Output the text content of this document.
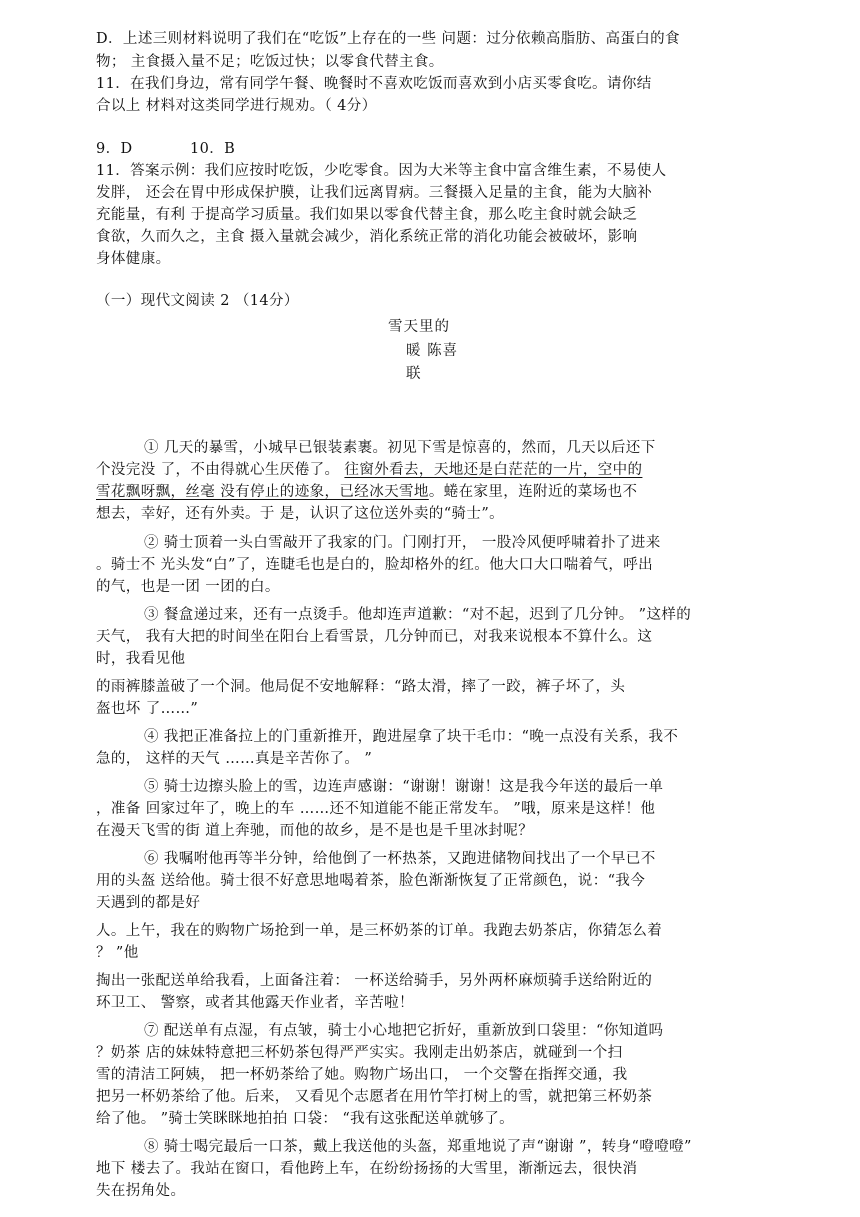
D．上述三则材料说明了我们在“吃饭”上存在的一些 问题：过分依赖高脂肪、高蛋白的食
物； 主食摄入量不足；吃饭过快；以零食代替主食。
11．在我们身边，常有同学午餐、晚餐时不喜欢吃饭而喜欢到小店买零食吃。请你结
合以上 材料对这类同学进行规劝。（ 4分）
9．D	10．B
11．答案示例：我们应按时吃饭，少吃零食。因为大米等主食中富含维生素，不易使人
发胖， 还会在胃中形成保护膜，让我们远离胃病。三餐摄入足量的主食，能为大脑补
充能量，有利 于提高学习质量。我们如果以零食代替主食，那么吃主食时就会缺乏
食欲，久而久之，主食 摄入量就会减少，消化系统正常的消化功能会被破坏，影响
身体健康。
（一）现代文阅读 2 （14分）
雪天里的
暖 陈喜
联
① 几天的暴雪，小城早已银装素裹。初见下雪是惊喜的，然而，几天以后还下
个没完没 了，不由得就心生厌倦了。 往窗外看去，天地还是白茫茫的一片，空中的
雪花飘呀飘，丝毫 没有停止的迹象，已经冰天雪地。蜷在家里，连附近的菜场也不
想去，幸好，还有外卖。于 是，认识了这位送外卖的“骑士”。
② 骑士顶着一头白雪敲开了我家的门。门刚打开， 一股冷风便呼啸着扑了进来
。骑士不 光头发“白”了，连睫毛也是白的，脸却格外的红。他大口大口喘着气，呼出
的气，也是一团 一团的白。
③ 餐盒递过来，还有一点烫手。他却连声道歉：“对不起，迟到了几分钟。 ”这样的
天气， 我有大把的时间坐在阳台上看雪景，几分钟而已，对我来说根本不算什么。这
时，我看见他
的雨裤膝盖破了一个洞。他局促不安地解释：“路太滑，摔了一跤，裤子坏了，头
盔也坏 了……”
④ 我把正准备拉上的门重新推开，跑进屋拿了块干毛巾：“晚一点没有关系，我不
急的， 这样的天气 ……真是辛苦你了。 ”
⑤ 骑士边擦头脸上的雪，边连声感谢：“谢谢！谢谢！这是我今年送的最后一单
，准备 回家过年了，晚上的车 ……还不知道能不能正常发车。 ”哦，原来是这样！他
在漫天飞雪的街 道上奔驰，而他的故乡，是不是也是千里冰封呢？
⑥ 我嘱咐他再等半分钟，给他倒了一杯热茶，又跑进储物间找出了一个早已不
用的头盔 送给他。骑士很不好意思地喝着茶，脸色渐渐恢复了正常颜色，说：“我今
天遇到的都是好
人。上午，我在的购物广场抢到一单，是三杯奶茶的订单。我跑去奶茶店，你猜怎么着
？ ”他
掏出一张配送单给我看，上面备注着： 一杯送给骑手，另外两杯麻烦骑手送给附近的
环卫工、 警察，或者其他露天作业者，辛苦啦！
⑦ 配送单有点湿，有点皱，骑士小心地把它折好，重新放到口袋里：“你知道吗
？奶茶 店的妹妹特意把三杯奶茶包得严严实实。我刚走出奶茶店，就碰到一个扫
雪的清洁工阿姨， 把一杯奶茶给了她。购物广场出口， 一个交警在指挥交通，我
把另一杯奶茶给了他。后来， 又看见个志愿者在用竹竿打树上的雪，就把第三杯奶茶
给了他。 ”骑士笑眯眯地拍拍 口袋： “我有这张配送单就够了。
⑧ 骑士喝完最后一口茶，戴上我送他的头盔，郑重地说了声“谢谢 ”，转身“噔噔噔”
地下 楼去了。我站在窗口，看他跨上车，在纷纷扬扬的大雪里，渐渐远去，很快消
失在拐角处。
